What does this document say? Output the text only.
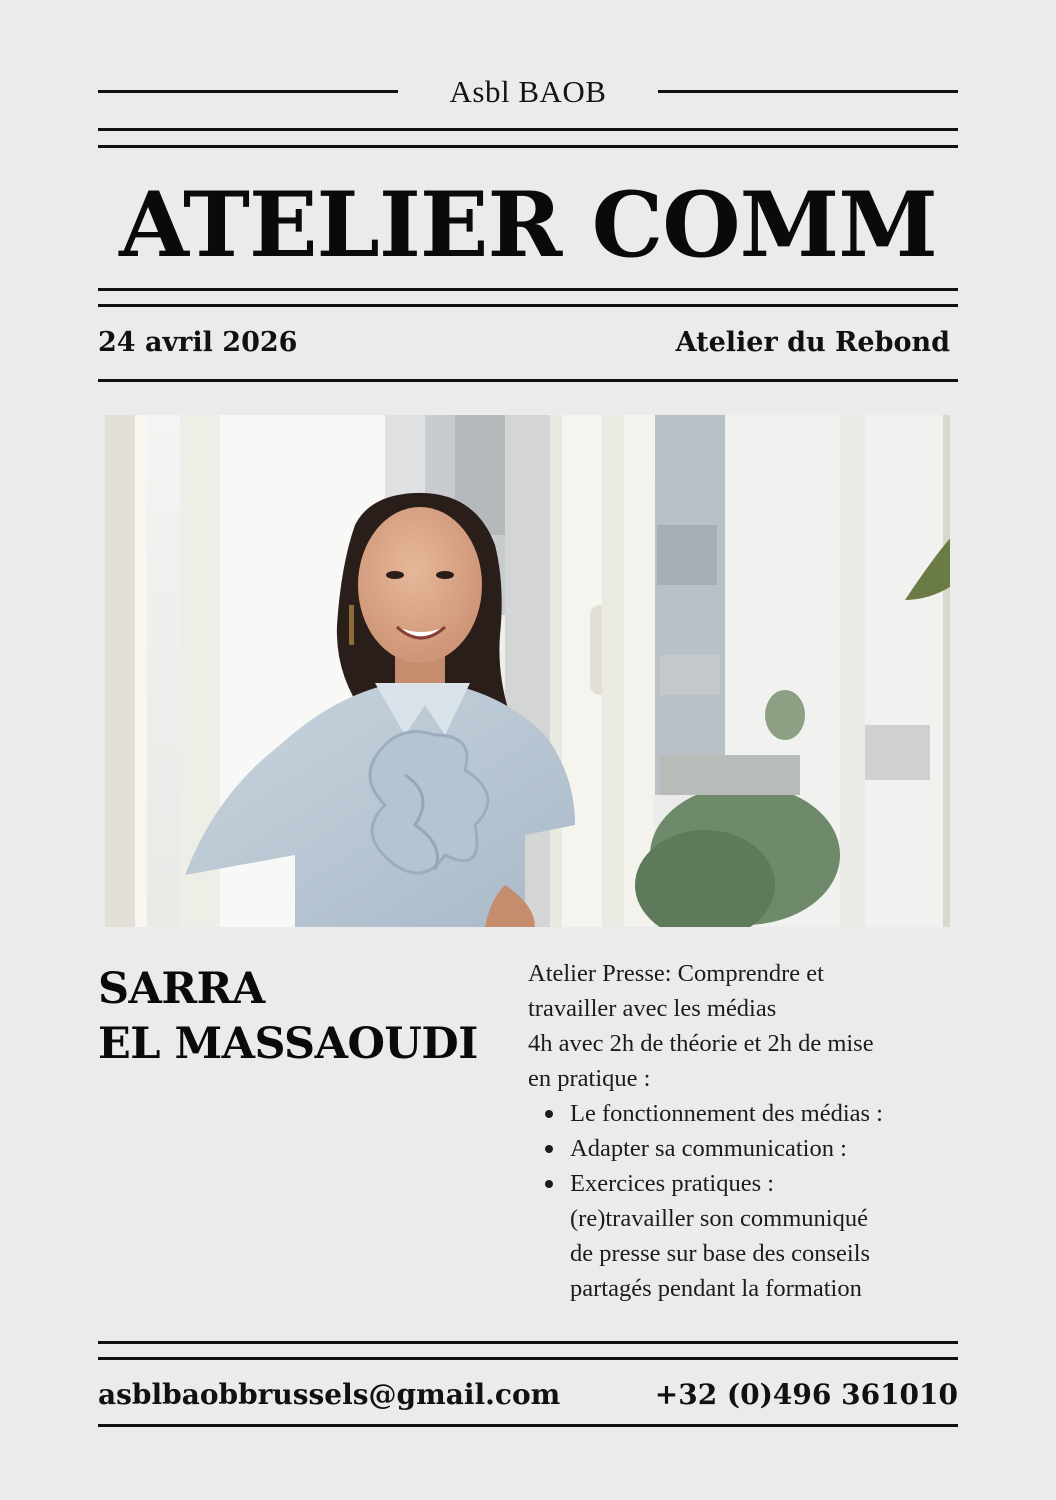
Asbl BAOB
ATELIER COMM
24 avril 2026	Atelier du Rebond
SARRA
EL MASSAOUDI

Atelier Presse: Comprendre et

travailler avec les médias

4h avec 2h de théorie et 2h de mise

en pratique :

Le fonctionnement des médias :
Adapter sa communication :
Exercices pratiques :
(re)travailler son communiqué
de presse sur base des conseils
partagés pendant la formation
asblbaobbrussels@gmail.com	+32 (0)496 361010
